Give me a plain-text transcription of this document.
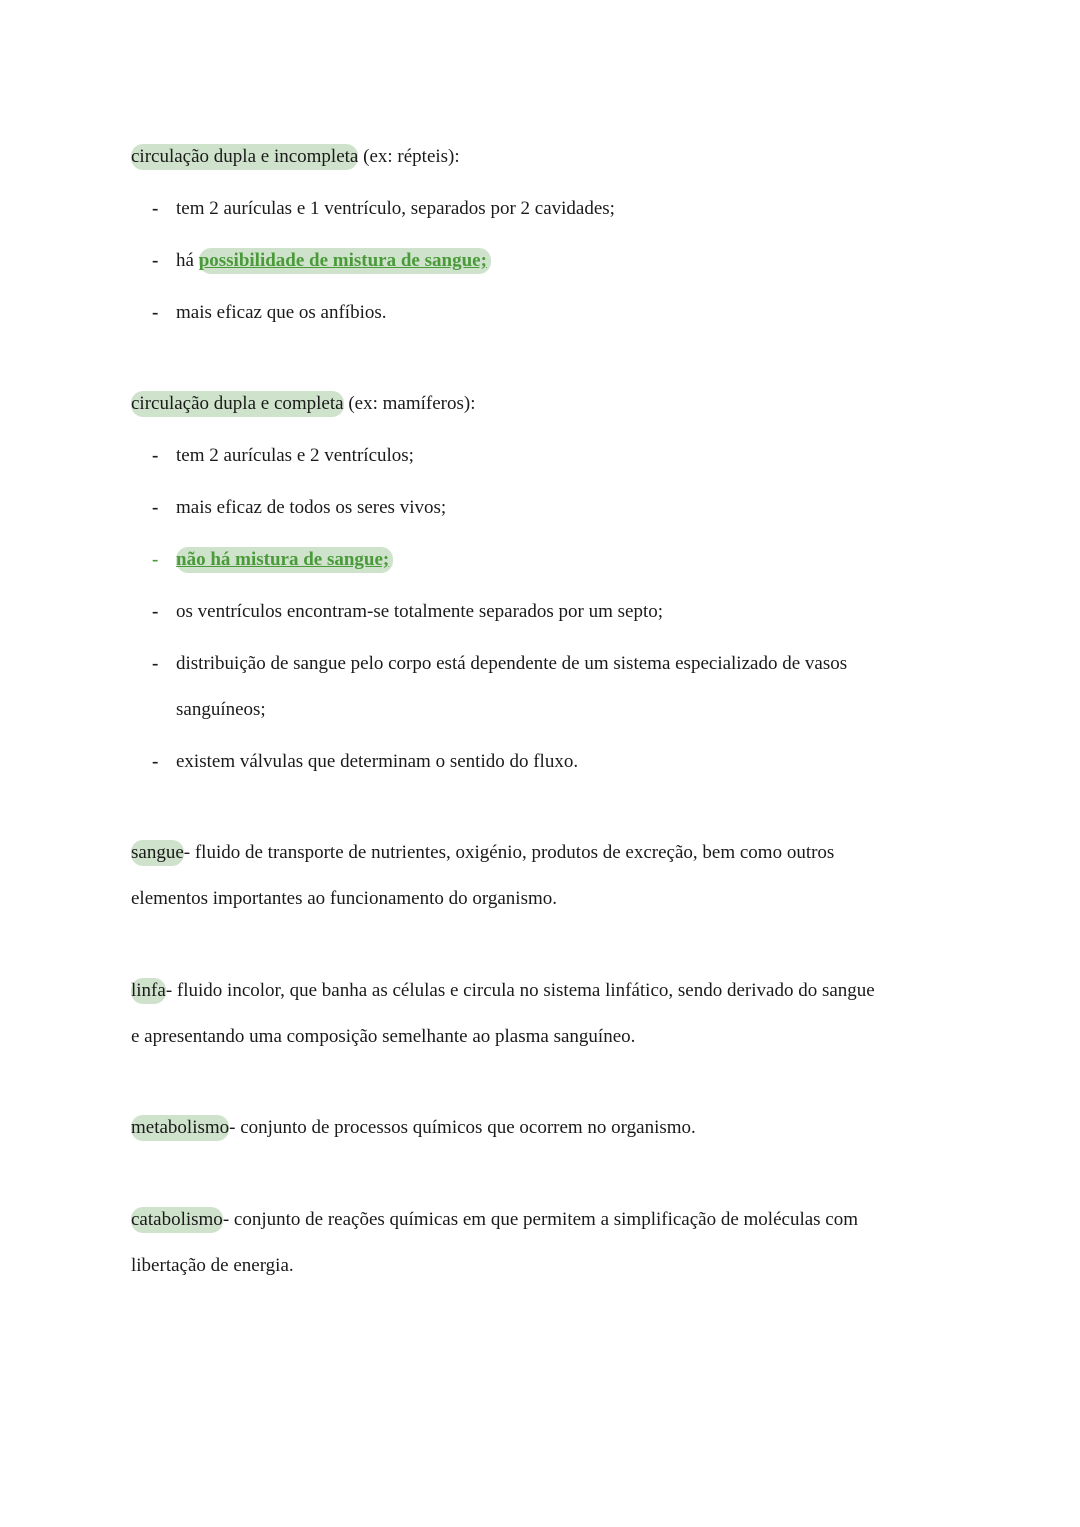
circulação dupla e incompleta (ex: répteis):
- tem 2 aurículas e 1 ventrículo, separados por 2 cavidades;
- há possibilidade de mistura de sangue;
- mais eficaz que os anfíbios.
circulação dupla e completa (ex: mamíferos):
- tem 2 aurículas e 2 ventrículos;
- mais eficaz de todos os seres vivos;
- não há mistura de sangue;
- os ventrículos encontram-se totalmente separados por um septo;
- distribuição de sangue pelo corpo está dependente de um sistema especializado de vasos
sanguíneos;
- existem válvulas que determinam o sentido do fluxo.
sangue- fluido de transporte de nutrientes, oxigénio, produtos de excreção, bem como outros
elementos importantes ao funcionamento do organismo.
linfa- fluido incolor, que banha as células e circula no sistema linfático, sendo derivado do sangue
e apresentando uma composição semelhante ao plasma sanguíneo.
metabolismo- conjunto de processos químicos que ocorrem no organismo.
catabolismo- conjunto de reações químicas em que permitem a simplificação de moléculas com
libertação de energia.
